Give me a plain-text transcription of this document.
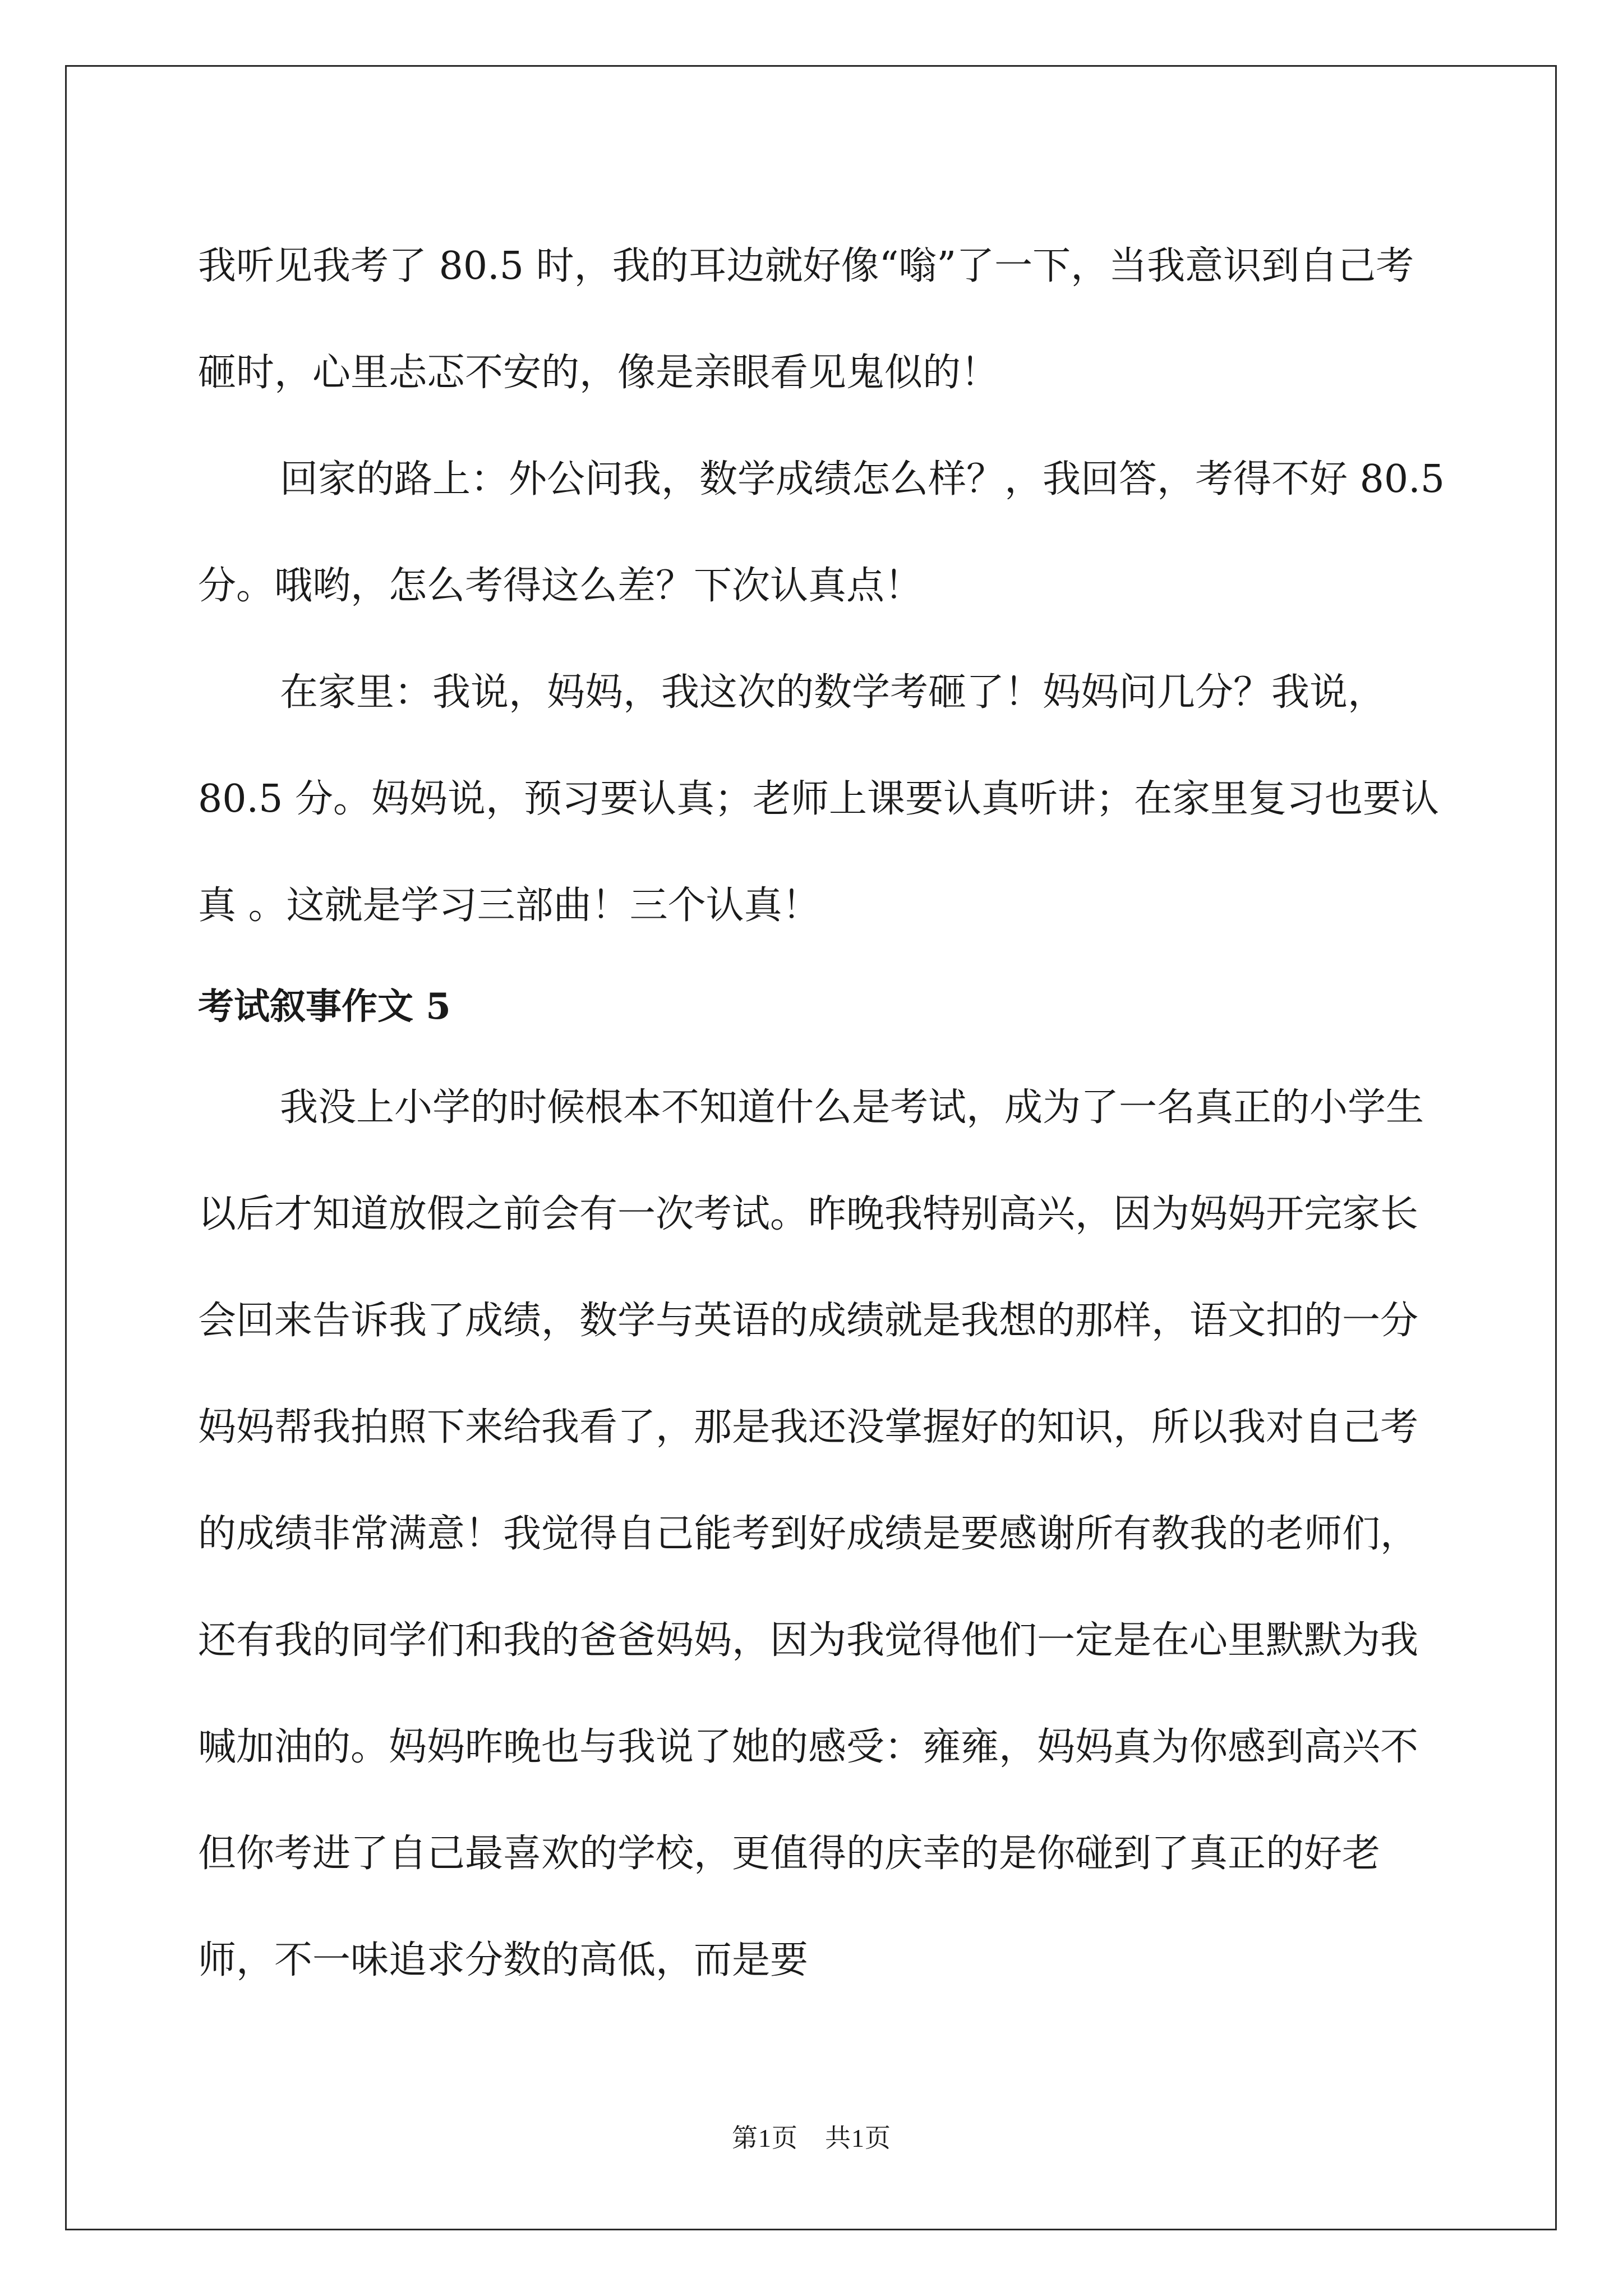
我听见我考了 80.5 时，我的耳边就好像“嗡”了一下，当我意识到自己考砸时，心里忐忑不安的，像是亲眼看见鬼似的！

回家的路上：外公问我，数学成绩怎么样？，我回答，考得不好 80.5 分。哦哟，怎么考得这么差？下次认真点！

在家里：我说，妈妈，我这次的数学考砸了！妈妈问几分？我说，80.5 分。妈妈说，预习要认真；老师上课要认真听讲；在家里复习也要认真 。这就是学习三部曲！三个认真！

考试叙事作文 5

我没上小学的时候根本不知道什么是考试，成为了一名真正的小学生以后才知道放假之前会有一次考试。昨晚我特别高兴，因为妈妈开完家长会回来告诉我了成绩，数学与英语的成绩就是我想的那样，语文扣的一分妈妈帮我拍照下来给我看了，那是我还没掌握好的知识，所以我对自己考的成绩非常满意！我觉得自己能考到好成绩是要感谢所有教我的老师们，还有我的同学们和我的爸爸妈妈，因为我觉得他们一定是在心里默默为我喊加油的。妈妈昨晚也与我说了她的感受：雍雍，妈妈真为你感到高兴不但你考进了自己最喜欢的学校，更值得的庆幸的是你碰到了真正的好老师，不一味追求分数的高低，而是要

第1页 共1页
